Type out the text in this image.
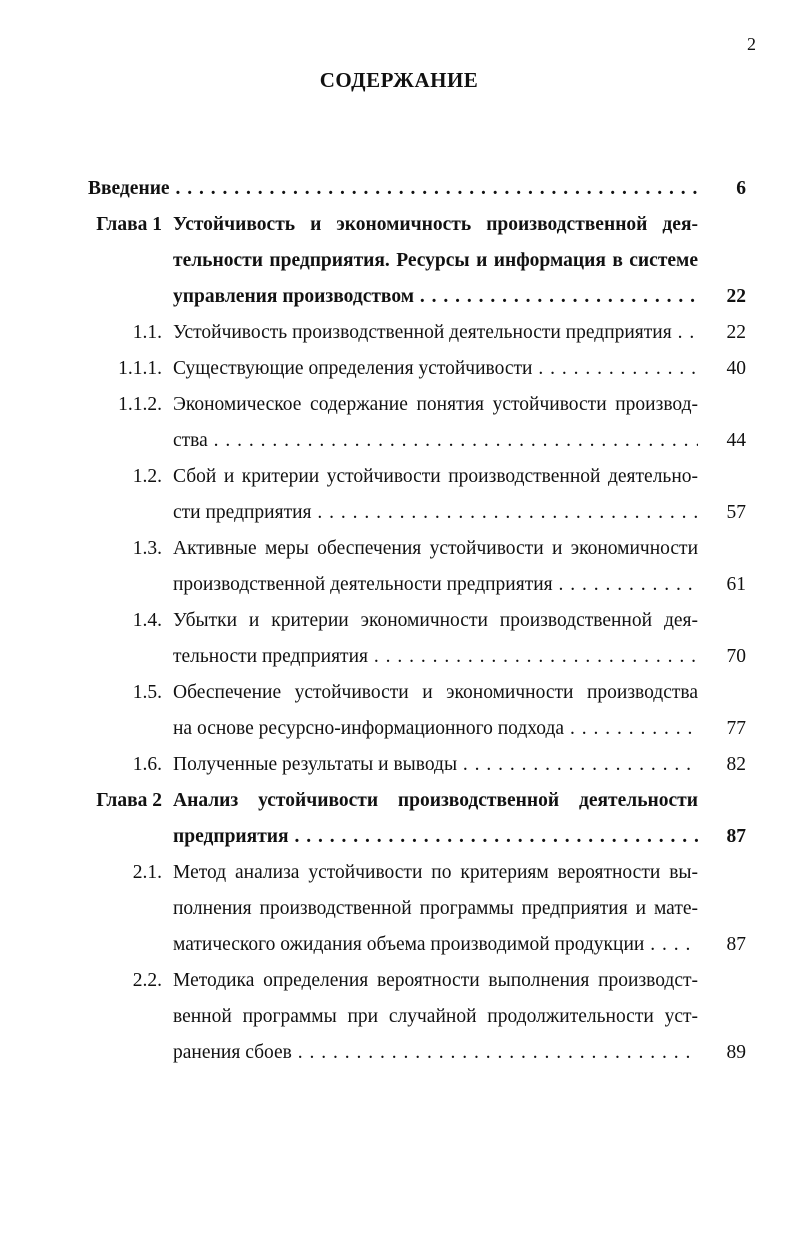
2
СОДЕРЖАНИЕ
Введение . . .	6
Глава 1 Устойчивость и экономичность производственной дея-
тельности предприятия. Ресурсы и информация в системе
управления производством . . .	22
1.1. Устойчивость производственной деятельности предприятия . . .	22
1.1.1. Существующие определения устойчивости . . .	40
1.1.2. Экономическое содержание понятия устойчивости производ-
ства . . .	44
1.2. Сбой и критерии устойчивости производственной деятельно-
сти предприятия . . .	57
1.3. Активные меры обеспечения устойчивости и экономичности
производственной деятельности предприятия . . .	61
1.4. Убытки и критерии экономичности производственной дея-
тельности предприятия . . .	70
1.5. Обеспечение устойчивости и экономичности производства
на основе ресурсно-информационного подхода . . .	77
1.6. Полученные результаты и выводы . . .	82
Глава 2 Анализ устойчивости производственной деятельности
предприятия . . .	87
2.1. Метод анализа устойчивости по критериям вероятности вы-
полнения производственной программы предприятия и мате-
матического ожидания объема производимой продукции . . .	87
2.2. Методика определения вероятности выполнения производст-
венной программы при случайной продолжительности уст-
ранения сбоев . . .	89
